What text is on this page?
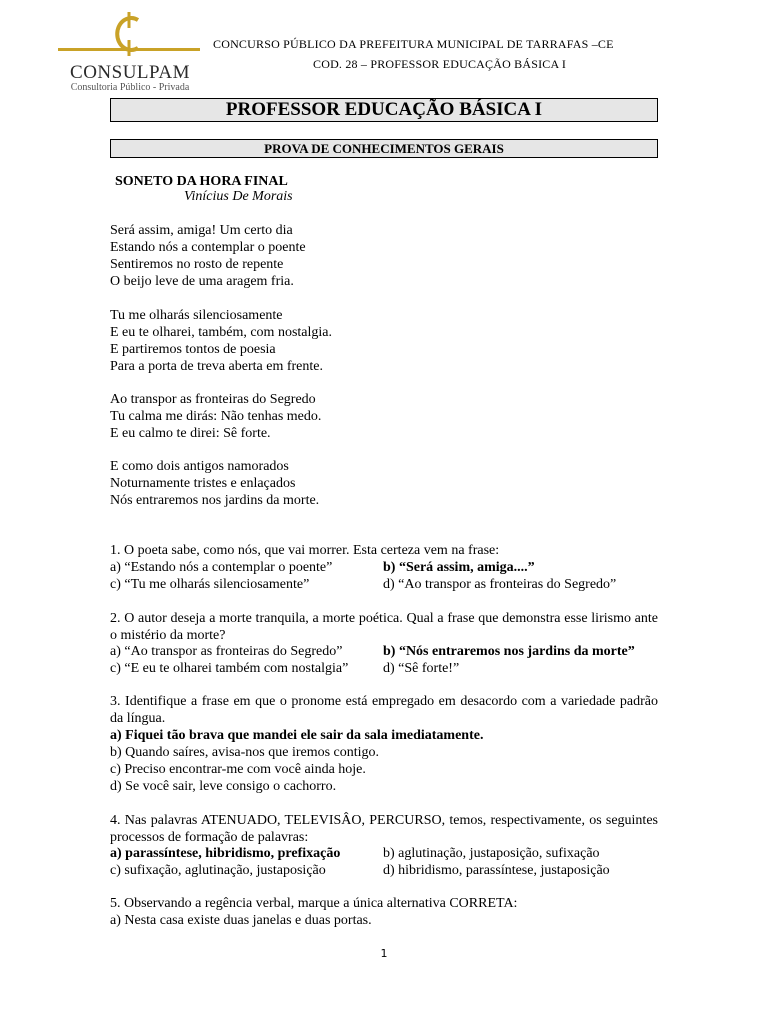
CONSULPAM
Consultoria Público - Privada
CONCURSO PÚBLICO DA PREFEITURA MUNICIPAL DE TARRAFAS –CE
COD. 28 – PROFESSOR EDUCAÇÃO BÁSICA I
PROFESSOR EDUCAÇÃO BÁSICA I
PROVA DE CONHECIMENTOS GERAIS
SONETO DA HORA FINAL
Vinícius De Morais
Será assim, amiga! Um certo dia
Estando nós a contemplar o poente
Sentiremos no rosto de repente
O beijo leve de uma aragem fria.
Tu me olharás silenciosamente
E eu te olharei, também, com nostalgia.
E partiremos tontos de poesia
Para a porta de treva aberta em frente.
Ao transpor as fronteiras do Segredo
Tu calma me dirás: Não tenhas medo.
E eu calmo te direi: Sê forte.
E como dois antigos namorados
Noturnamente tristes e enlaçados
Nós entraremos nos jardins da morte.
1. O poeta sabe, como nós, que vai morrer. Esta certeza vem na frase:
a) “Estando nós a contemplar o poente”	b) “Será assim, amiga....”
c) “Tu me olharás silenciosamente”	d) “Ao transpor as fronteiras do Segredo”
2. O autor deseja a morte tranquila, a morte poética. Qual a frase que demonstra esse lirismo ante o mistério da morte?
a) “Ao transpor as fronteiras do Segredo”	b) “Nós entraremos nos jardins da morte”
c) “E eu te olharei também com nostalgia” d) “Sê forte!”
3. Identifique a frase em que o pronome está empregado em desacordo com a variedade padrão da língua.
a) Fiquei tão brava que mandei ele sair da sala imediatamente.
b) Quando saíres, avisa-nos que iremos contigo.
c) Preciso encontrar-me com você ainda hoje.
d) Se você sair, leve consigo o cachorro.
4. Nas palavras ATENUADO, TELEVISÂO, PERCURSO, temos, respectivamente, os seguintes processos de formação de palavras:
a) parassíntese, hibridismo, prefixação	b) aglutinação, justaposição, sufixação
c) sufixação, aglutinação, justaposição	d) hibridismo, parassíntese, justaposição
5. Observando a regência verbal, marque a única alternativa CORRETA:
a) Nesta casa existe duas janelas e duas portas.
1
